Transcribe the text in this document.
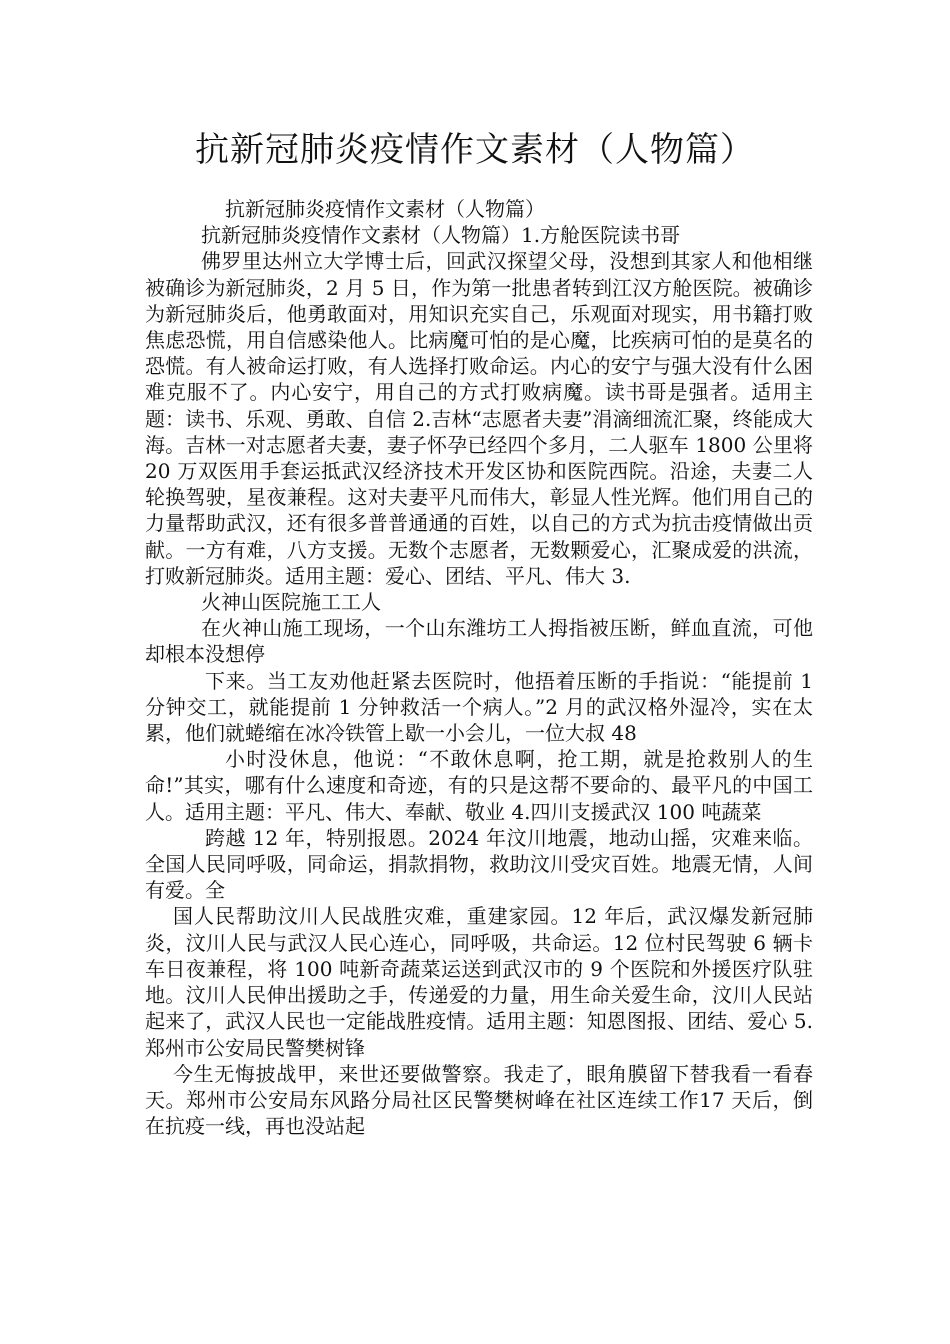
抗新冠肺炎疫情作文素材（人物篇）

抗新冠肺炎疫情作文素材（人物篇）

抗新冠肺炎疫情作文素材（人物篇）1.方舱医院读书哥

佛罗里达州立大学博士后，回武汉探望父母，没想到其家人和他相继被确诊为新冠肺炎，2 月 5 日，作为第一批患者转到江汉方舱医院。被确诊为新冠肺炎后，他勇敢面对，用知识充实自己，乐观面对现实，用书籍打败焦虑恐慌，用自信感染他人。比病魔可怕的是心魔，比疾病可怕的是莫名的恐慌。有人被命运打败，有人选择打败命运。内心的安宁与强大没有什么困难克服不了。内心安宁，用自己的方式打败病魔。读书哥是强者。适用主题：读书、乐观、勇敢、自信 2.吉林“志愿者夫妻”涓滴细流汇聚，终能成大海。吉林一对志愿者夫妻，妻子怀孕已经四个多月，二人驱车 1800 公里将 20 万双医用手套运抵武汉经济技术开发区协和医院西院。沿途，夫妻二人轮换驾驶，星夜兼程。这对夫妻平凡而伟大，彰显人性光辉。他们用自己的力量帮助武汉，还有很多普普通通的百姓，以自己的方式为抗击疫情做出贡献。一方有难，八方支援。无数个志愿者，无数颗爱心，汇聚成爱的洪流，打败新冠肺炎。适用主题：爱心、团结、平凡、伟大 3.

火神山医院施工工人

在火神山施工现场，一个山东潍坊工人拇指被压断，鲜血直流，可他却根本没想停

下来。当工友劝他赶紧去医院时，他捂着压断的手指说：“能提前 1 分钟交工，就能提前 1 分钟救活一个病人。”2 月的武汉格外湿冷，实在太累，他们就蜷缩在冰冷铁管上歇一小会儿，一位大叔 48

小时没休息，他说：“不敢休息啊，抢工期，就是抢救别人的生命!”其实，哪有什么速度和奇迹，有的只是这帮不要命的、最平凡的中国工人。适用主题：平凡、伟大、奉献、敬业 4.四川支援武汉 100 吨蔬菜

跨越 12 年，特别报恩。2024 年汶川地震，地动山摇，灾难来临。全国人民同呼吸，同命运，捐款捐物，救助汶川受灾百姓。地震无情，人间有爱。全

国人民帮助汶川人民战胜灾难，重建家园。12 年后，武汉爆发新冠肺炎，汶川人民与武汉人民心连心，同呼吸，共命运。12 位村民驾驶 6 辆卡车日夜兼程，将 100 吨新奇蔬菜运送到武汉市的 9 个医院和外援医疗队驻地。汶川人民伸出援助之手，传递爱的力量，用生命关爱生命，汶川人民站起来了，武汉人民也一定能战胜疫情。适用主题：知恩图报、团结、爱心 5.郑州市公安局民警樊树锋

今生无悔披战甲，来世还要做警察。我走了，眼角膜留下替我看一看春天。郑州市公安局东风路分局社区民警樊树峰在社区连续工作17 天后，倒在抗疫一线，再也没站起
